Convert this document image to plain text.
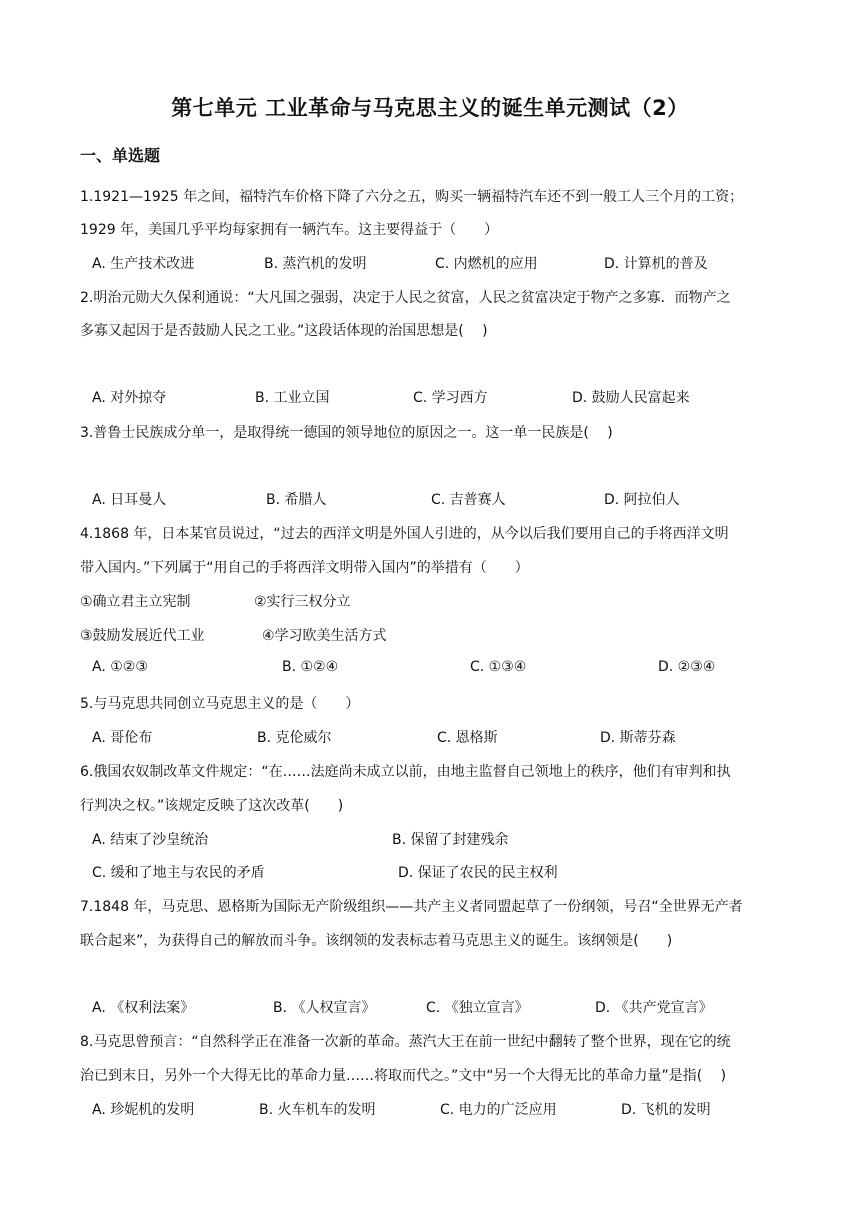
第七单元 工业革命与马克思主义的诞生单元测试（2）
一、单选题
1.1921—1925 年之间，福特汽车价格下降了六分之五，购买一辆福特汽车还不到一般工人三个月的工资；
1929 年，美国几乎平均每家拥有一辆汽车。这主要得益于（　　）
A. 生产技术改进	B. 蒸汽机的发明	C. 内燃机的应用	D. 计算机的普及
2.明治元勋大久保利通说：“大凡国之强弱，决定于人民之贫富，人民之贫富决定于物产之多寡．而物产之
多寡又起因于是否鼓励人民之工业。”这段话体现的治国思想是(　 )
A. 对外掠夺	B. 工业立国	C. 学习西方	D. 鼓励人民富起来
3.普鲁士民族成分单一，是取得统一德国的领导地位的原因之一。这一单一民族是(　 )
A. 日耳曼人	B. 希腊人	C. 吉普赛人	D. 阿拉伯人
4.1868 年，日本某官员说过，“过去的西洋文明是外国人引进的，从今以后我们要用自己的手将西洋文明
带入国内。”下列属于“用自己的手将西洋文明带入国内”的举措有（　　）
①确立君主立宪制	②实行三权分立
③鼓励发展近代工业	④学习欧美生活方式
A. ①②③	B. ①②④	C. ①③④	D. ②③④
5.与马克思共同创立马克思主义的是（　　）
A. 哥伦布	B. 克伦威尔	C. 恩格斯	D. 斯蒂芬森
6.俄国农奴制改革文件规定：“在……法庭尚未成立以前，由地主监督自己领地上的秩序，他们有审判和执
行判决之权。”该规定反映了这次改革(　　)
A. 结束了沙皇统治	B. 保留了封建残余
C. 缓和了地主与农民的矛盾	D. 保证了农民的民主权利
7.1848 年，马克思、恩格斯为国际无产阶级组织——共产主义者同盟起草了一份纲领，号召“全世界无产者
联合起来”，为获得自己的解放而斗争。该纲领的发表标志着马克思主义的诞生。该纲领是(　　)
A. 《权利法案》	B. 《人权宣言》	C. 《独立宣言》	D. 《共产党宣言》
8.马克思曾预言：“自然科学正在准备一次新的革命。蒸汽大王在前一世纪中翻转了整个世界，现在它的统
治已到末日，另外一个大得无比的革命力量……将取而代之。”文中“另一个大得无比的革命力量”是指(　 )
A. 珍妮机的发明	B. 火车机车的发明	C. 电力的广泛应用	D. 飞机的发明
